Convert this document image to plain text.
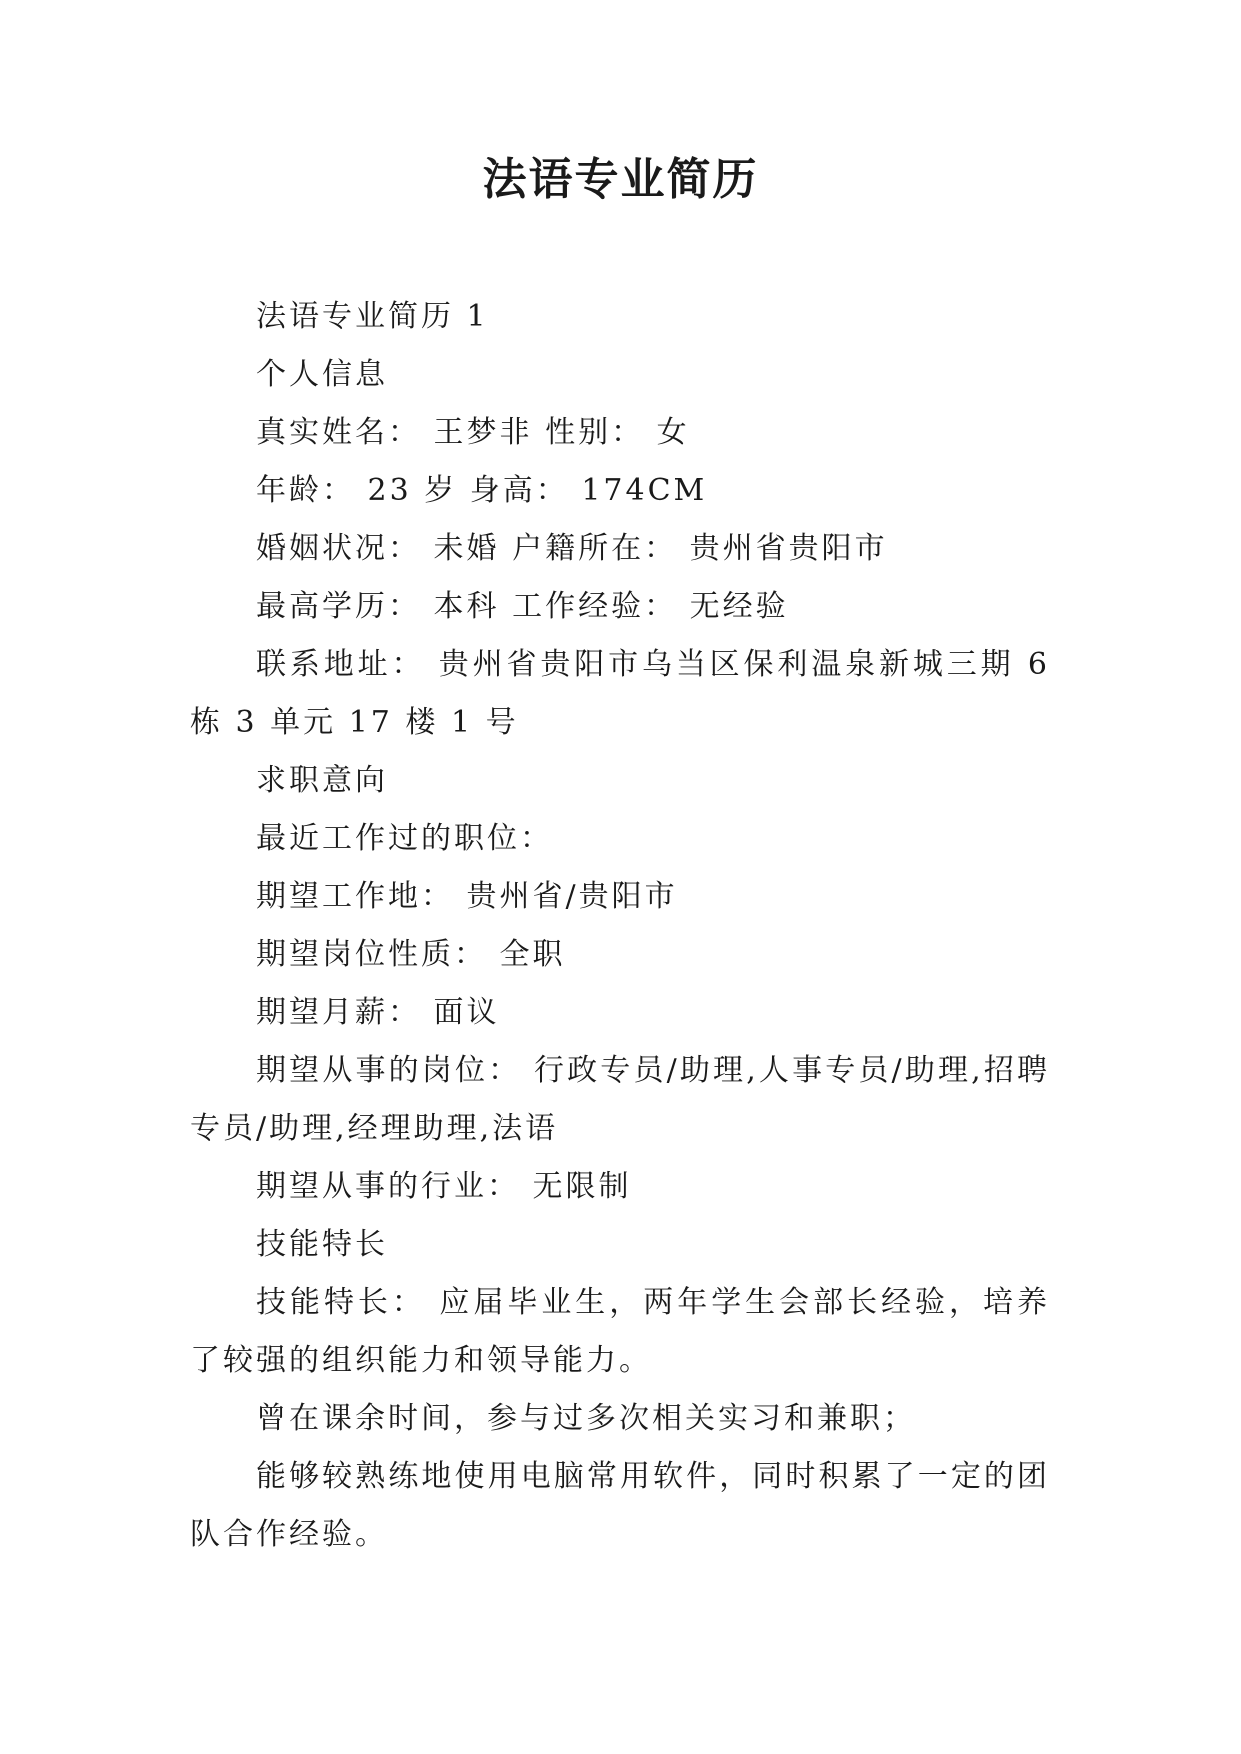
法语专业简历

法语专业简历 1

个人信息

真实姓名： 王梦非 性别： 女

年龄： 23 岁 身高： 174CM

婚姻状况： 未婚 户籍所在： 贵州省贵阳市

最高学历： 本科 工作经验： 无经验

联系地址： 贵州省贵阳市乌当区保利温泉新城三期 6 栋 3 单元 17 楼 1 号

求职意向

最近工作过的职位：

期望工作地： 贵州省/贵阳市

期望岗位性质： 全职

期望月薪： 面议

期望从事的岗位： 行政专员/助理,人事专员/助理,招聘专员/助理,经理助理,法语

期望从事的行业： 无限制

技能特长

技能特长： 应届毕业生，两年学生会部长经验，培养了较强的组织能力和领导能力。

曾在课余时间，参与过多次相关实习和兼职；

能够较熟练地使用电脑常用软件，同时积累了一定的团队合作经验。
